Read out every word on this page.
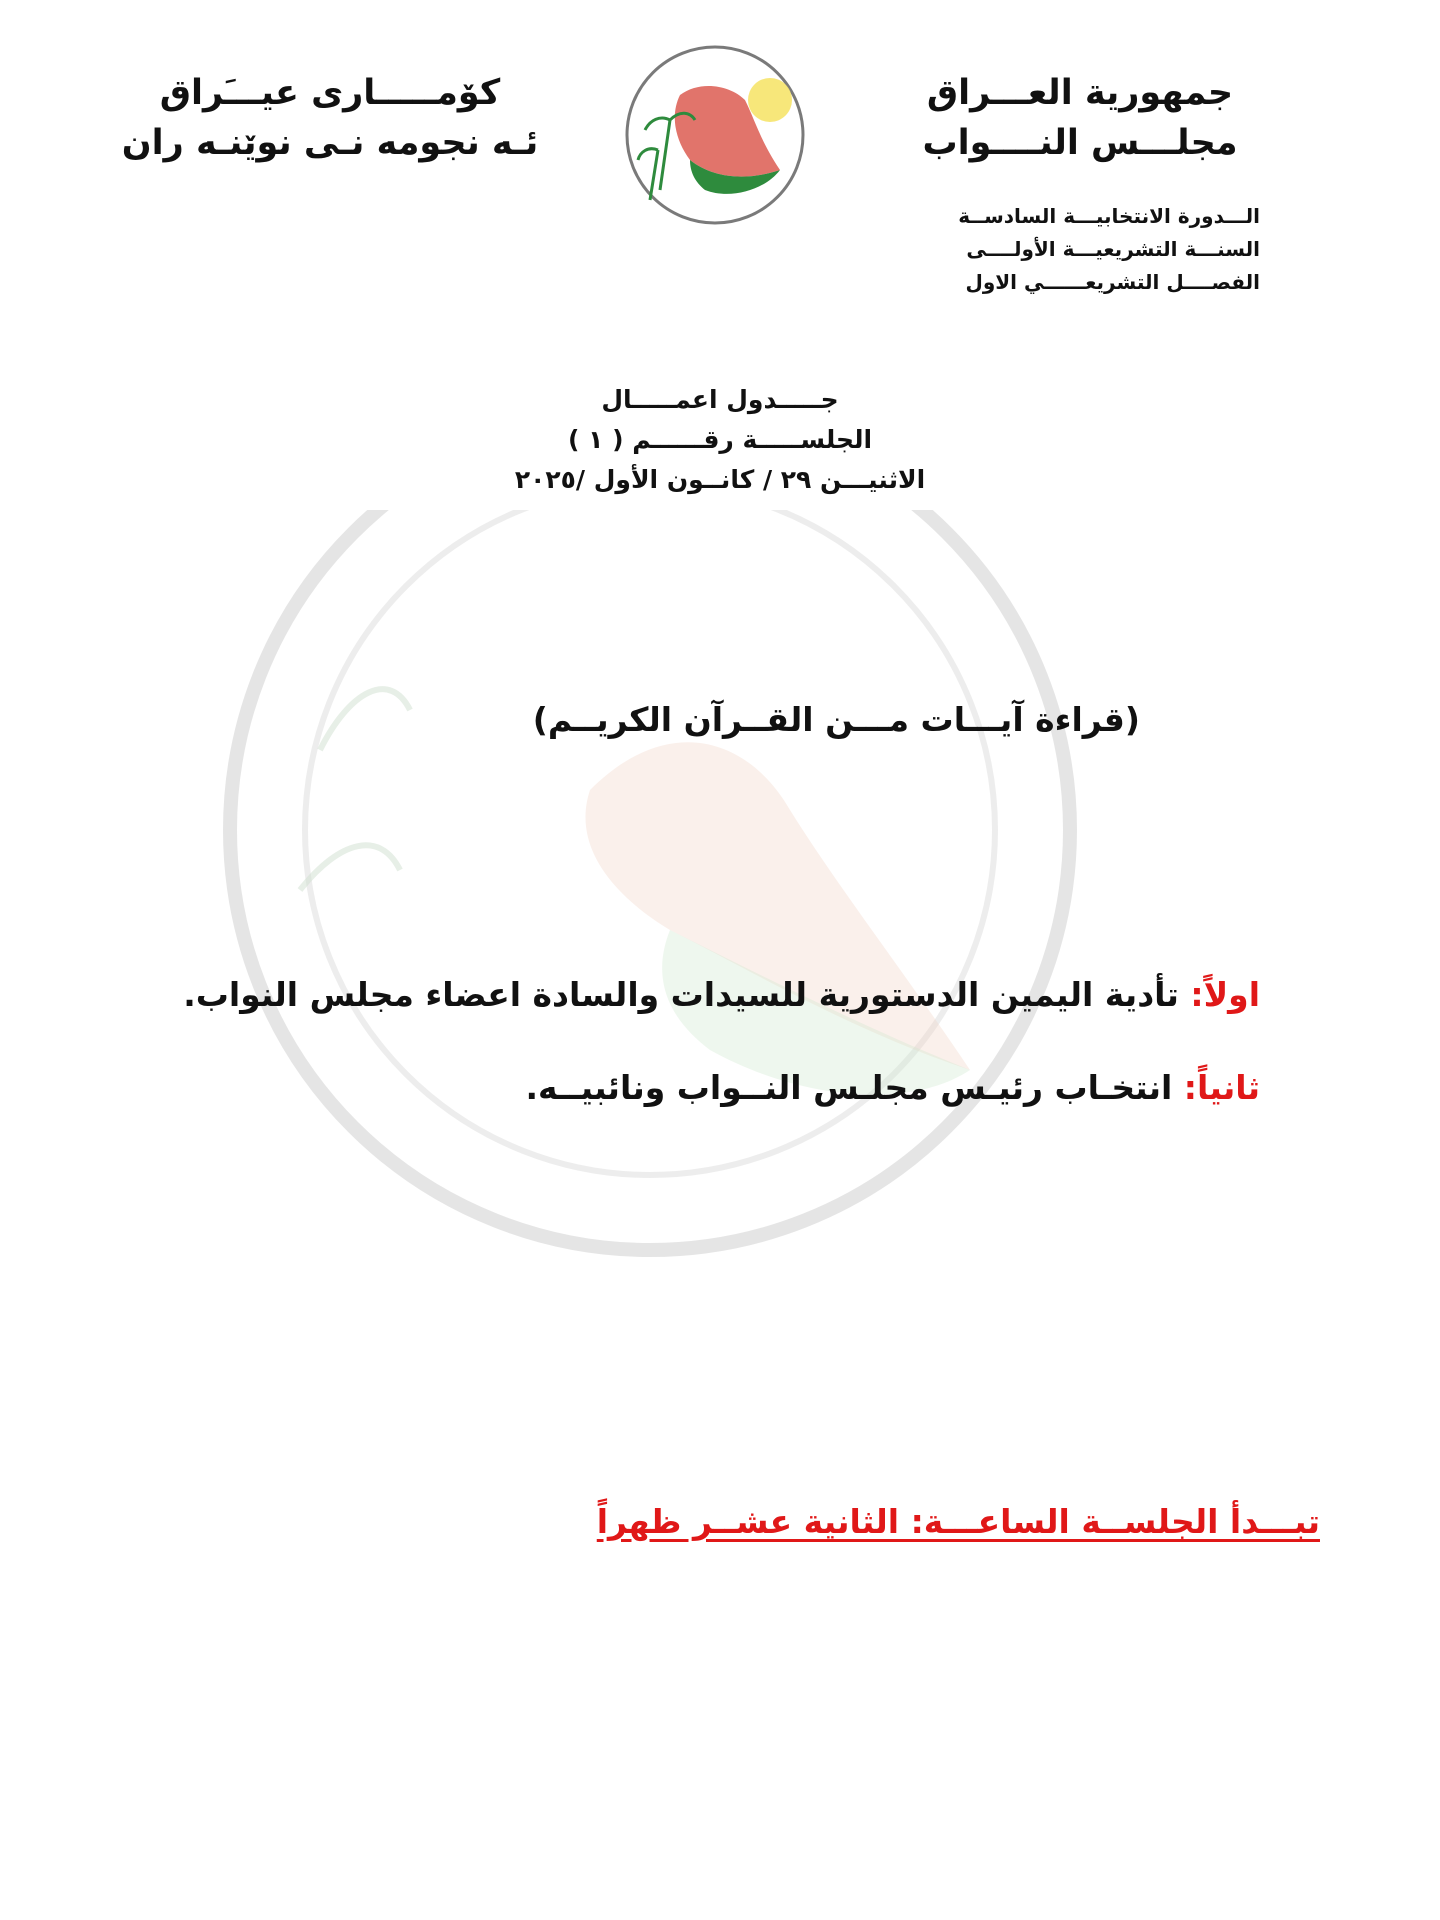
جمهورية العـــراق
مجلـــس النــــواب
كۆمـــــارى عيـــَراق
ئـه نجومه نـى نوێنـه ران
الـــدورة الانتخابيـــة السادســة
السنـــة التشريعيـــة الأولــــى
الفصــــل التشريعــــــي الاول
جـــــدول اعمـــــال
الجلســـــة رقــــــم ( ١ )
الاثنيـــن ٢٩ / كانــون الأول /٢٠٢٥
(قراءة آيـــات مـــن القــرآن الكريــم)
اولاً: تأدية اليمين الدستورية للسيدات والسادة اعضاء مجلس النواب.
ثانياً: انتخـاب رئيـس مجلـس النــواب ونائبيــه.
تبـــدأ الجلســة الساعـــة: الثانية عشــر ظهراً
